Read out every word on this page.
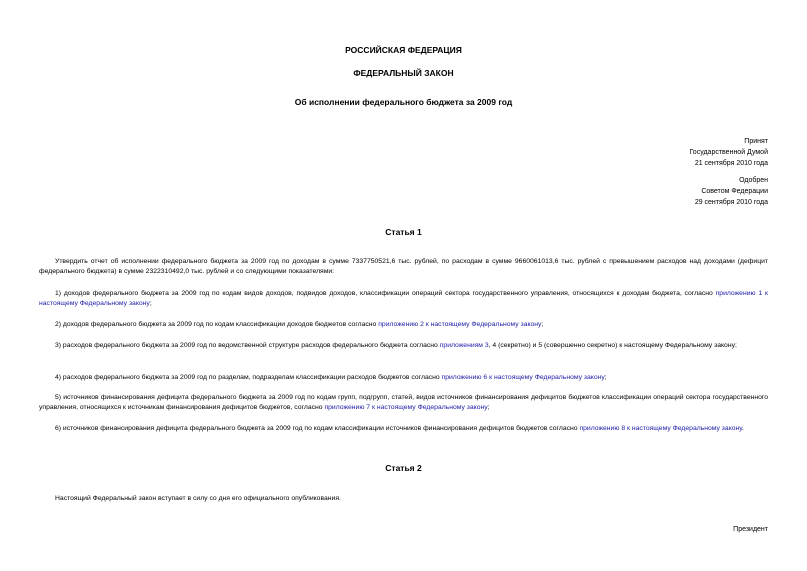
РОССИЙСКАЯ ФЕДЕРАЦИЯ
ФЕДЕРАЛЬНЫЙ ЗАКОН
Об исполнении федерального бюджета за 2009 год
Принят
Государственной Думой
21 сентября 2010 года
Одобрен
Советом Федерации
29 сентября 2010 года
Статья 1
Утвердить отчет об исполнении федерального бюджета за 2009 год по доходам в сумме 7337750521,6 тыс. рублей, по расходам в сумме 9660061013,6 тыс. рублей с превышением расходов над доходами (дефицит федерального бюджета) в сумме 2322310492,0 тыс. рублей и со следующими показателями:
1) доходов федерального бюджета за 2009 год по кодам видов доходов, подвидов доходов, классификации операций сектора государственного управления, относящихся к доходам бюджета, согласно приложению 1 к настоящему Федеральному закону;
2) доходов федерального бюджета за 2009 год по кодам классификации доходов бюджетов согласно приложению 2 к настоящему Федеральному закону;
3) расходов федерального бюджета за 2009 год по ведомственной структуре расходов федерального бюджета согласно приложениям 3, 4 (секретно) и 5 (совершенно секретно) к настоящему Федеральному закону;
4) расходов федерального бюджета за 2009 год по разделам, подразделам классификации расходов бюджетов согласно приложению 6 к настоящему Федеральному закону;
5) источников финансирования дефицита федерального бюджета за 2009 год по кодам групп, подгрупп, статей, видов источников финансирования дефицитов бюджетов классификации операций сектора государственного управления, относящихся к источникам финансирования дефицитов бюджетов, согласно приложению 7 к настоящему Федеральному закону;
6) источников финансирования дефицита федерального бюджета за 2009 год по кодам классификации источников финансирования дефицитов бюджетов согласно приложению 8 к настоящему Федеральному закону.
Статья 2
Настоящий Федеральный закон вступает в силу со дня его официального опубликования.
Президент
